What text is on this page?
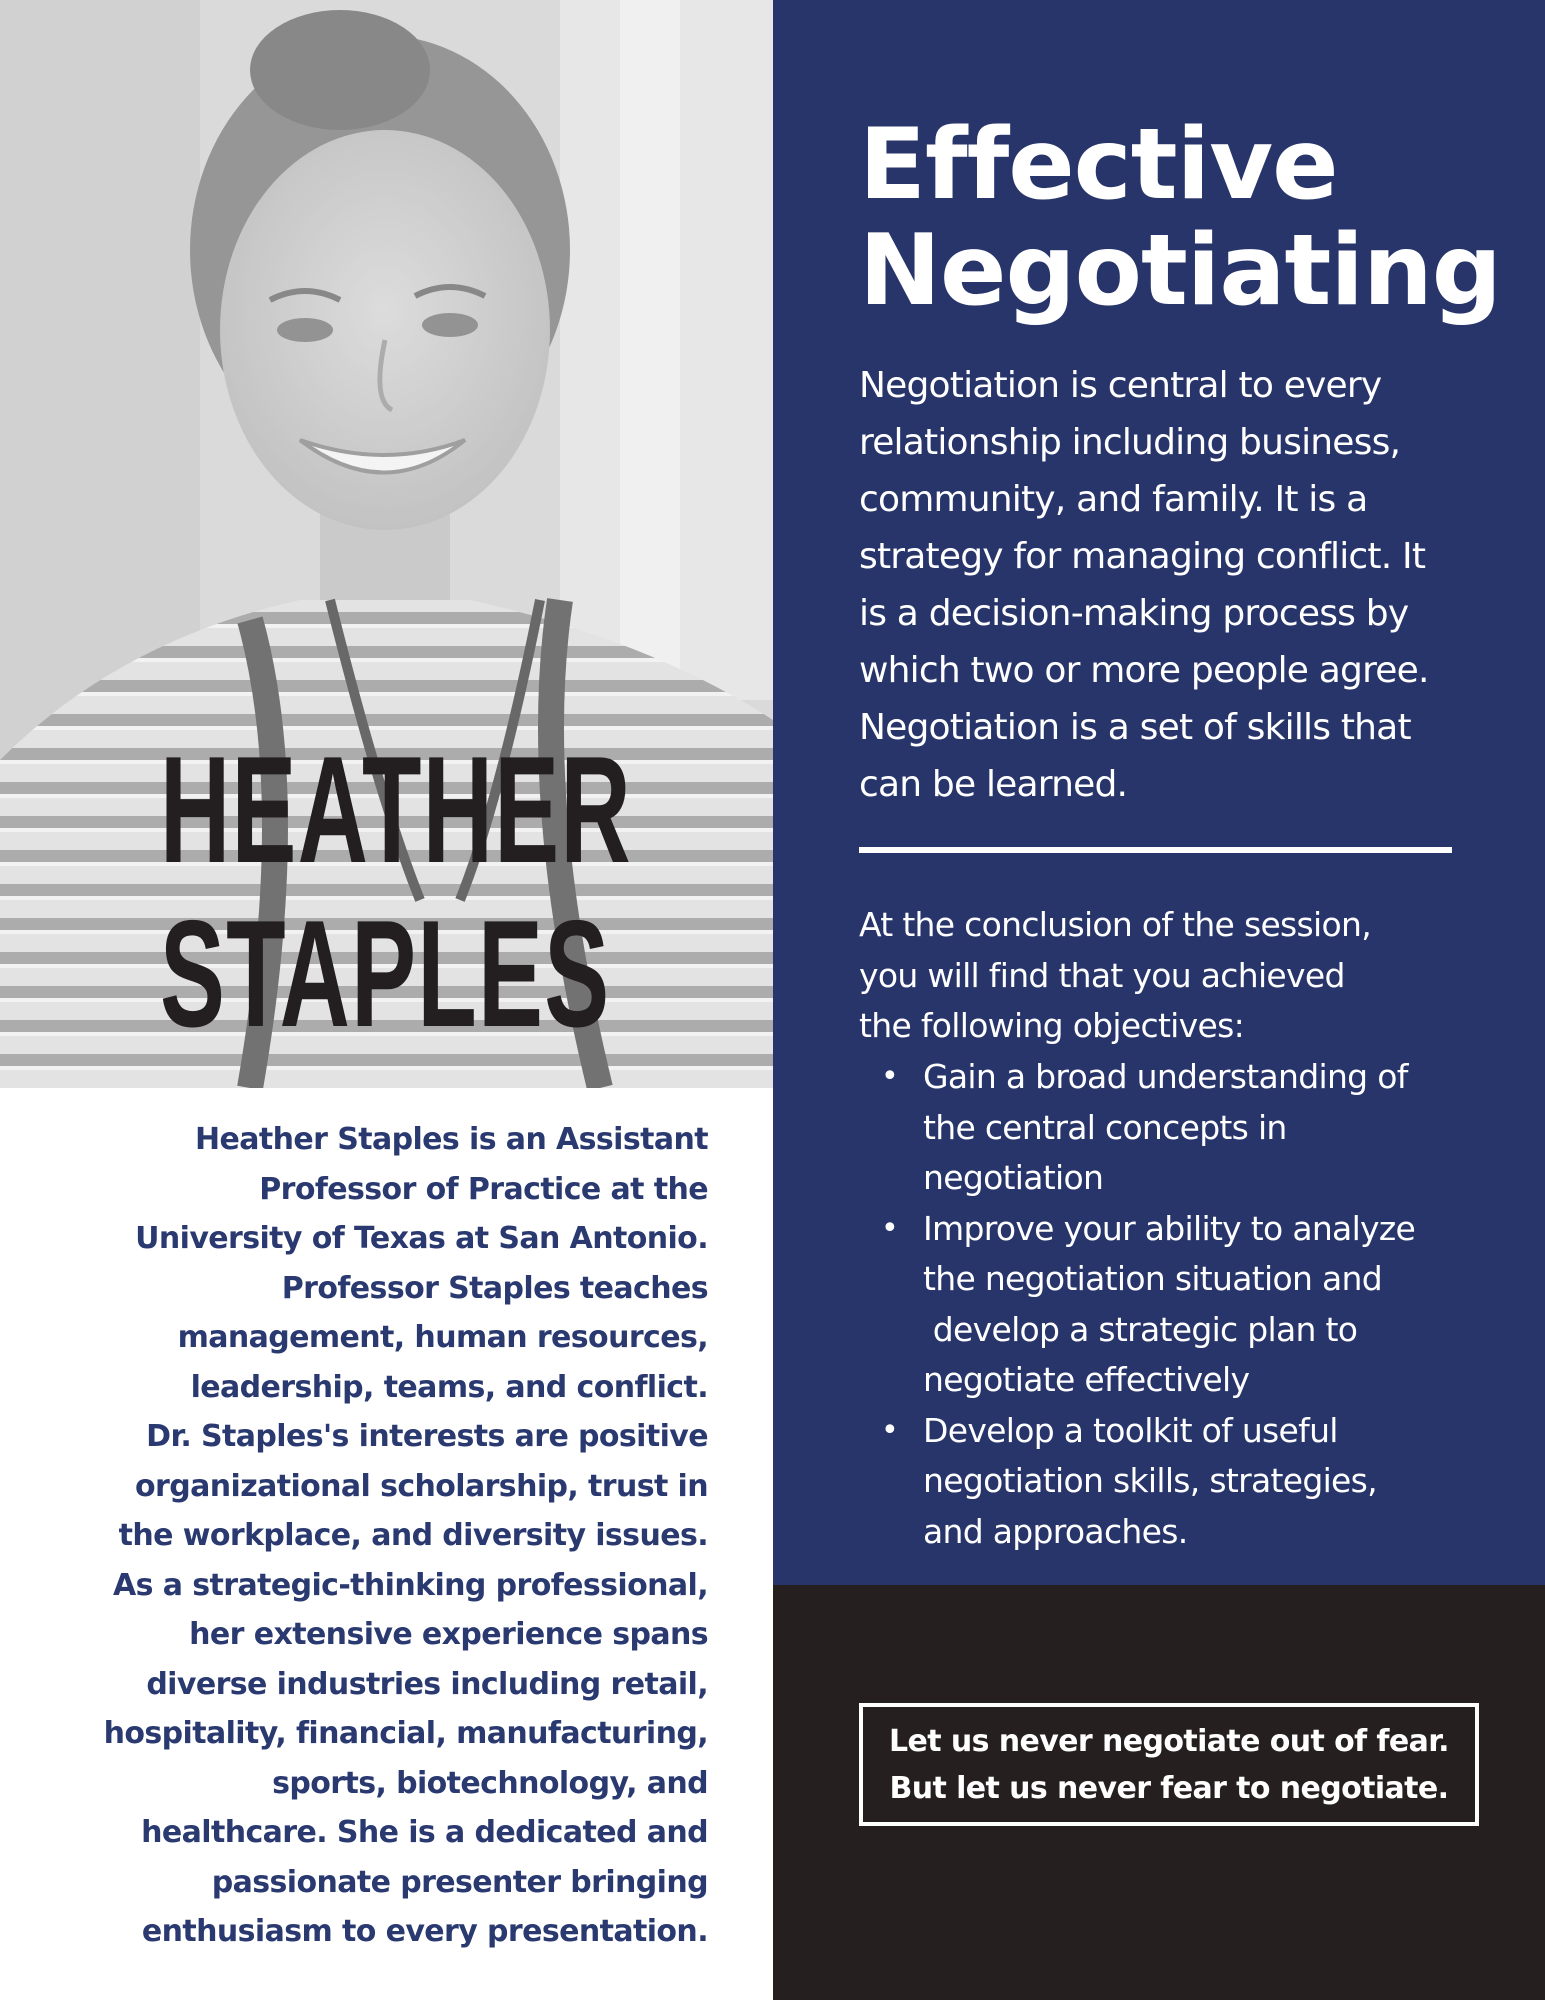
HEATHER
STAPLES
Heather Staples is an Assistant
Professor of Practice at the
University of Texas at San Antonio.
Professor Staples teaches
management, human resources,
leadership, teams, and conflict.
Dr. Staples's interests are positive
organizational scholarship, trust in
the workplace, and diversity issues.
As a strategic-thinking professional,
her extensive experience spans
diverse industries including retail,
hospitality, financial, manufacturing,
sports, biotechnology, and
healthcare. She is a dedicated and
passionate presenter bringing
enthusiasm to every presentation.
Effective
Negotiating
Negotiation is central to every
relationship including business,
community, and family. It is a
strategy for managing conflict. It
is a decision-making process by
which two or more people agree.
Negotiation is a set of skills that
can be learned.
At the conclusion of the session,
you will find that you achieved
the following objectives:
• Gain a broad understanding of
the central concepts in
negotiation
• Improve your ability to analyze
the negotiation situation and
develop a strategic plan to
negotiate effectively
• Develop a toolkit of useful
negotiation skills, strategies,
and approaches.
Let us never negotiate out of fear.
But let us never fear to negotiate.
